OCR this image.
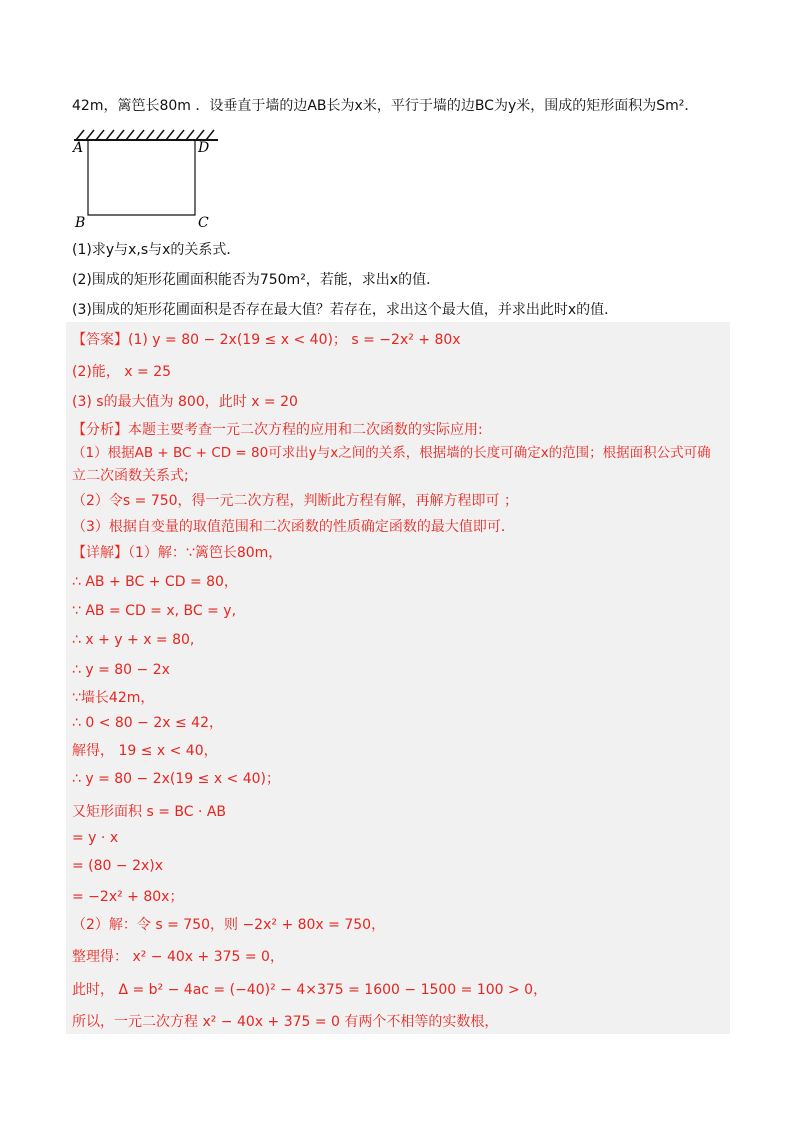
42m，篱笆长80m ．设垂直于墙的边AB长为x米，平行于墙的边BC为y米，围成的矩形面积为Sm²．
A	D
B	C
(1)求y与x,s与x的关系式．
(2)围成的矩形花圃面积能否为750m²，若能，求出x的值．
(3)围成的矩形花圃面积是否存在最大值？若存在，求出这个最大值，并求出此时x的值．
【答案】(1) y = 80 − 2x(19 ≤ x < 40)； s = −2x² + 80x
(2)能， x = 25
(3) s的最大值为 800，此时 x = 20
【分析】本题主要考查一元二次方程的应用和二次函数的实际应用:
（1）根据AB + BC + CD = 80可求出y与x之间的关系，根据墙的长度可确定x的范围；根据面积公式可确
立二次函数关系式;
（2）令s = 750，得一元二次方程，判断此方程有解，再解方程即可 ；
（3）根据自变量的取值范围和二次函数的性质确定函数的最大值即可．
【详解】（1）解：∵篱笆长80m，
∴ AB + BC + CD = 80，
∵ AB = CD = x, BC = y,
∴ x + y + x = 80,
∴ y = 80 − 2x
∵墙长42m，
∴ 0 < 80 − 2x ≤ 42，
解得， 19 ≤ x < 40，
∴ y = 80 − 2x(19 ≤ x < 40)；
又矩形面积 s = BC · AB
= y · x
= (80 − 2x)x
= −2x² + 80x；
（2）解：令 s = 750，则 −2x² + 80x = 750，
整理得： x² − 40x + 375 = 0，
此时， Δ = b² − 4ac = (−40)² − 4×375 = 1600 − 1500 = 100 > 0，
所以，一元二次方程 x² − 40x + 375 = 0 有两个不相等的实数根，
